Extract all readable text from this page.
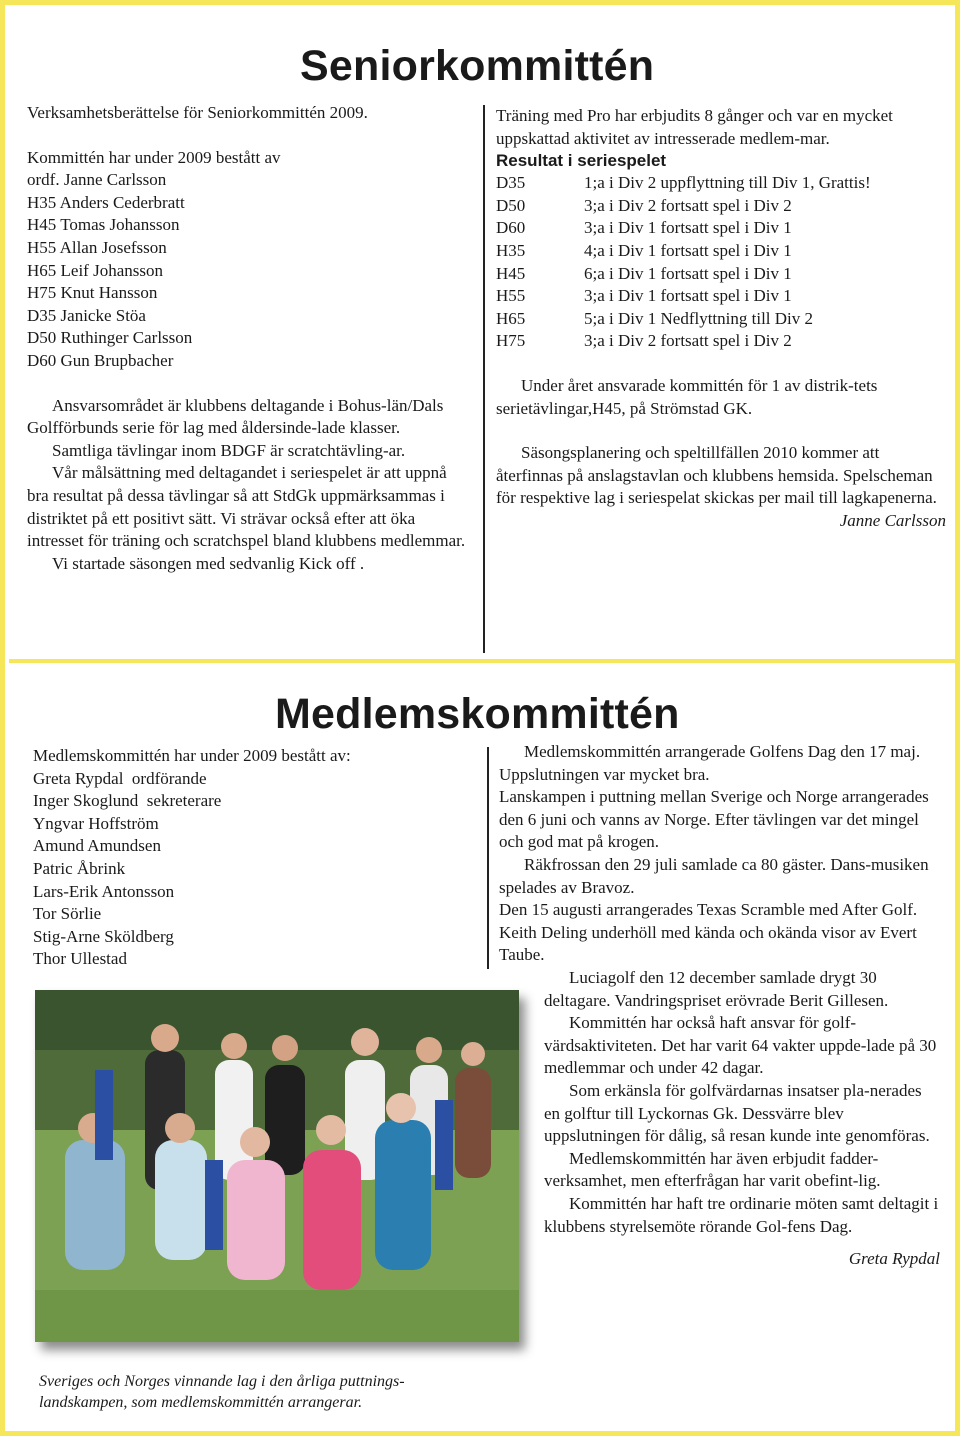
Seniorkommittén

Verksamhetsberättelse för Seniorkommittén 2009.

Kommittén har under 2009 bestått av

ordf. Janne Carlsson
H35 Anders Cederbratt
H45 Tomas Johansson
H55 Allan Josefsson
H65 Leif Johansson
H75 Knut Hansson
D35 Janicke Stöa
D50 Ruthinger Carlsson
D60 Gun Brupbacher

Ansvarsområdet är klubbens deltagande i Bohus-län/Dals Golfförbunds serie för lag med åldersinde-lade klasser.

Samtliga tävlingar inom BDGF är scratchtävling-ar.

Vår målsättning med deltagandet i seriespelet är att uppnå bra resultat på dessa tävlingar så att StdGk uppmärksammas i distriktet på ett positivt sätt. Vi strävar också efter att öka intresset för träning och scratchspel bland klubbens medlemmar.

Vi startade säsongen med sedvanlig Kick off .

Träning med Pro har erbjudits 8 gånger och var en mycket uppskattad aktivitet av intresserade medlem-mar.

Resultat i seriespelet
D35	1;a i Div 2 uppflyttning till Div 1, Grattis!
D50	3;a i Div 2 fortsatt spel i Div 2
D60	3;a i Div 1 fortsatt spel i Div 1
H35	4;a i Div 1 fortsatt spel i Div 1
H45	6;a i Div 1 fortsatt spel i Div 1
H55	3;a i Div 1 fortsatt spel i Div 1
H65	5;a i Div 1 Nedflyttning till Div 2
H75	3;a i Div 2 fortsatt spel i Div 2

Under året ansvarade kommittén för 1 av distrik-tets serietävlingar,H45, på Strömstad GK.

Säsongsplanering och speltillfällen 2010 kommer att återfinnas på anslagstavlan och klubbens hemsida. Spelscheman för respektive lag i seriespelat skickas per mail till lagkapenerna.

Janne Carlsson

Medlemskommittén

Medlemskommittén har under 2009 bestått av:

Greta Rypdal  ordförande
Inger Skoglund  sekreterare
Yngvar Hoffström
Amund Amundsen
Patric Åbrink
Lars-Erik Antonsson
Tor Sörlie
Stig-Arne Sköldberg
Thor Ullestad

Medlemskommittén arrangerade Golfens Dag den 17 maj. Uppslutningen var mycket bra.

Lanskampen i puttning mellan Sverige och Norge arrangerades den 6 juni och vanns av Norge. Efter tävlingen var det mingel och god mat på krogen.

Räkfrossan den 29 juli samlade ca 80 gäster. Dans-musiken spelades av Bravoz.

Den 15 augusti arrangerades Texas Scramble med After Golf. Keith Deling underhöll med kända och okända visor av Evert Taube.

Luciagolf den 12 december samlade drygt 30 deltagare. Vandringspriset erövrade Berit Gillesen.

Kommittén har också haft ansvar för golf-värdsaktiviteten. Det har varit 64 vakter uppde-lade på 30 medlemmar och under 42 dagar.

Som erkänsla för golfvärdarnas insatser pla-nerades en golftur till Lyckornas Gk. Dessvärre blev uppslutningen för dålig, så resan kunde inte genomföras.

Medlemskommittén har även erbjudit fadder-verksamhet, men efterfrågan har varit obefint-lig.

Kommittén har haft tre ordinarie möten samt deltagit i klubbens styrelsemöte rörande Gol-fens Dag.

Greta Rypdal

Sveriges och Norges vinnande lag i den årliga puttnings-landskampen, som medlemskommittén arrangerar.
